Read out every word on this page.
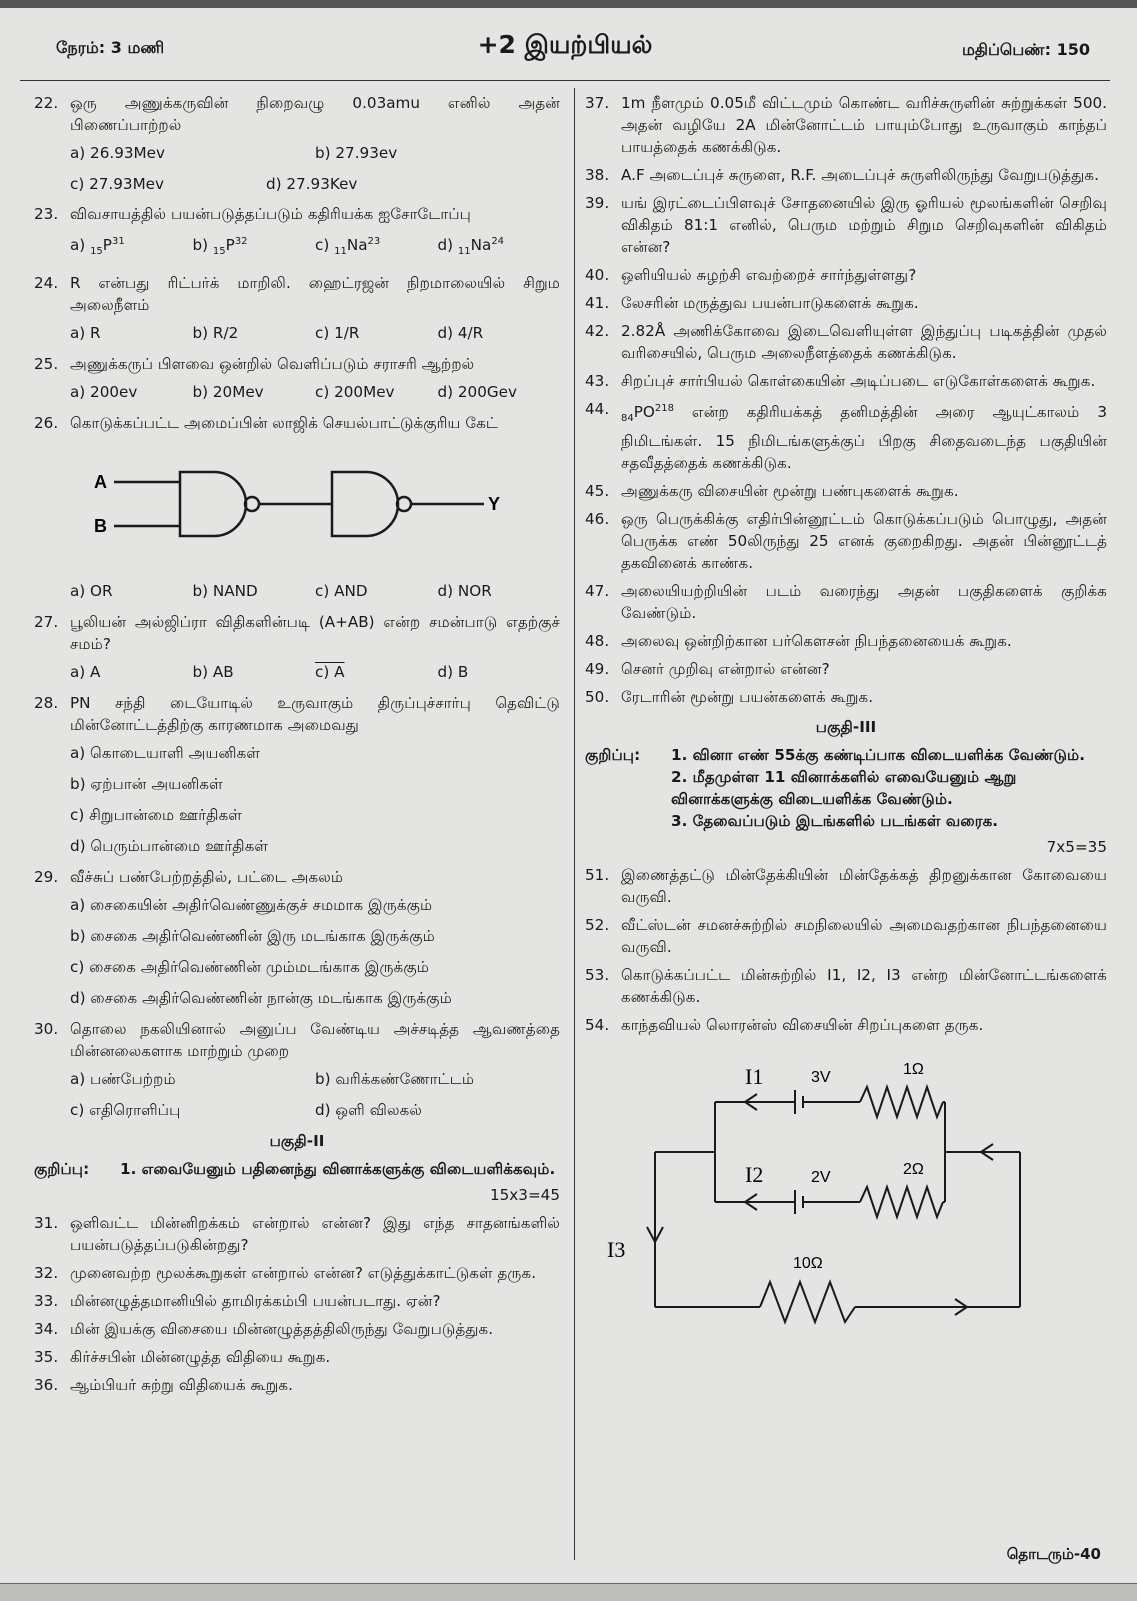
நேரம்: 3 மணி	+2 இயற்பியல்	மதிப்பெண்: 150
22. ஒரு அணுக்கருவின் நிறைவழு 0.03amu எனில் அதன் பிணைப்பாற்றல்
a) 26.93Mev	b) 27.93ev
c) 27.93Mev	d) 27.93Kev
23. விவசாயத்தில் பயன்படுத்தப்படும் கதிரியக்க ஐசோடோப்பு
a) $_{15}P^{31}$	b) $_{15}P^{32}$	c) $_{11}Na^{23}$	d) $_{11}Na^{24}$
24. R என்பது ரிட்பர்க் மாறிலி. ஹைட்ரஜன் நிறமாலையில் சிறும அலைநீளம்
a) R	b) R/2	c) 1/R	d) 4/R
25. அணுக்கருப் பிளவை ஒன்றில் வெளிப்படும் சராசரி ஆற்றல்
a) 200ev	b) 20Mev	c) 200Mev	d) 200Gev
26. கொடுக்கப்பட்ட அமைப்பின் லாஜிக் செயல்பாட்டுக்குரிய கேட்
A
B
Y
a) OR	b) NAND	c) AND	d) NOR
27. பூலியன் அல்ஜிப்ரா விதிகளின்படி (A+AB) என்ற சமன்பாடு எதற்குச் சமம்?
a) A	b) AB	c) A	d) B
28. PN சந்தி டையோடில் உருவாகும் திருப்புச்சார்பு தெவிட்டு மின்னோட்டத்திற்கு காரணமாக அமைவது
a) கொடையாளி அயனிகள்
b) ஏற்பான் அயனிகள்
c) சிறுபான்மை ஊர்திகள்
d) பெரும்பான்மை ஊர்திகள்
29. வீச்சுப் பண்பேற்றத்தில், பட்டை அகலம்
a) சைகையின் அதிர்வெண்ணுக்குச் சமமாக இருக்கும்
b) சைகை அதிர்வெண்ணின் இரு மடங்காக இருக்கும்
c) சைகை அதிர்வெண்ணின் மும்மடங்காக இருக்கும்
d) சைகை அதிர்வெண்ணின் நான்கு மடங்காக இருக்கும்
30. தொலை நகலியினால் அனுப்ப வேண்டிய அச்சடித்த ஆவணத்தை மின்னலைகளாக மாற்றும் முறை
a) பண்பேற்றம்	b) வரிக்கண்ணோட்டம்
c) எதிரொளிப்பு	d) ஒளி விலகல்
பகுதி-II
குறிப்பு: 1. எவையேனும் பதினைந்து வினாக்களுக்கு விடையளிக்கவும்.
15x3=45
31. ஒளிவட்ட மின்னிறக்கம் என்றால் என்ன? இது எந்த சாதனங்களில் பயன்படுத்தப்படுகின்றது?
32. முனைவற்ற மூலக்கூறுகள் என்றால் என்ன? எடுத்துக்காட்டுகள் தருக.
33. மின்னழுத்தமானியில் தாமிரக்கம்பி பயன்படாது. ஏன்?
34. மின் இயக்கு விசையை மின்னழுத்தத்திலிருந்து வேறுபடுத்துக.
35. கிர்ச்சபின் மின்னழுத்த விதியை கூறுக.
36. ஆம்பியர் சுற்று விதியைக் கூறுக.
37. 1m நீளமும் 0.05மீ விட்டமும் கொண்ட வரிச்சுருளின் சுற்றுக்கள் 500. அதன் வழியே 2A மின்னோட்டம் பாயும்போது உருவாகும் காந்தப் பாயத்தைக் கணக்கிடுக.
38. A.F அடைப்புச் சுருளை, R.F. அடைப்புச் சுருளிலிருந்து வேறுபடுத்துக.
39. யங் இரட்டைப்பிளவுச் சோதனையில் இரு ஓரியல் மூலங்களின் செறிவு விகிதம் 81:1 எனில், பெரும மற்றும் சிறும செறிவுகளின் விகிதம் என்ன?
40. ஒளியியல் சுழற்சி எவற்றைச் சார்ந்துள்ளது?
41. லேசரின் மருத்துவ பயன்பாடுகளைக் கூறுக.
42. 2.82Å அணிக்கோவை இடைவெளியுள்ள இந்துப்பு படிகத்தின் முதல் வரிசையில், பெரும அலைநீளத்தைக் கணக்கிடுக.
43. சிறப்புச் சார்பியல் கொள்கையின் அடிப்படை எடுகோள்களைக் கூறுக.
44.
$_{84}PO^{218}$ என்ற கதிரியக்கத் தனிமத்தின் அரை ஆயுட்காலம் 3 நிமிடங்கள். 15 நிமிடங்களுக்குப் பிறகு சிதைவடைந்த பகுதியின் சதவீதத்தைக் கணக்கிடுக.
45. அணுக்கரு விசையின் மூன்று பண்புகளைக் கூறுக.
46. ஒரு பெருக்கிக்கு எதிர்பின்னூட்டம் கொடுக்கப்படும் பொழுது, அதன் பெருக்க எண் 50லிருந்து 25 எனக் குறைகிறது. அதன் பின்னூட்டத் தகவினைக் காண்க.
47. அலையியற்றியின் படம் வரைந்து அதன் பகுதிகளைக் குறிக்க வேண்டும்.
48. அலைவு ஒன்றிற்கான பர்கௌசன் நிபந்தனையைக் கூறுக.
49. செனர் முறிவு என்றால் என்ன?
50. ரேடாரின் மூன்று பயன்களைக் கூறுக.
பகுதி-III
குறிப்பு: 1. வினா எண் 55க்கு கண்டிப்பாக விடையளிக்க வேண்டும்.
2. மீதமுள்ள 11 வினாக்களில் எவையேனும் ஆறு வினாக்களுக்கு விடையளிக்க வேண்டும்.
3. தேவைப்படும் இடங்களில் படங்கள் வரைக.
7x5=35
51. இணைத்தட்டு மின்தேக்கியின் மின்தேக்கத் திறனுக்கான கோவையை வருவி.
52. வீட்ஸ்டன் சமனச்சுற்றில் சமநிலையில் அமைவதற்கான நிபந்தனையை வருவி.
53. கொடுக்கப்பட்ட மின்சுற்றில் I1, I2, I3 என்ற மின்னோட்டங்களைக் கணக்கிடுக.
54. காந்தவியல் லொரன்ஸ் விசையின் சிறப்புகளை தருக.
I1	3V	1Ω
I2	2V	2Ω
I3
10Ω
தொடரும்-40
